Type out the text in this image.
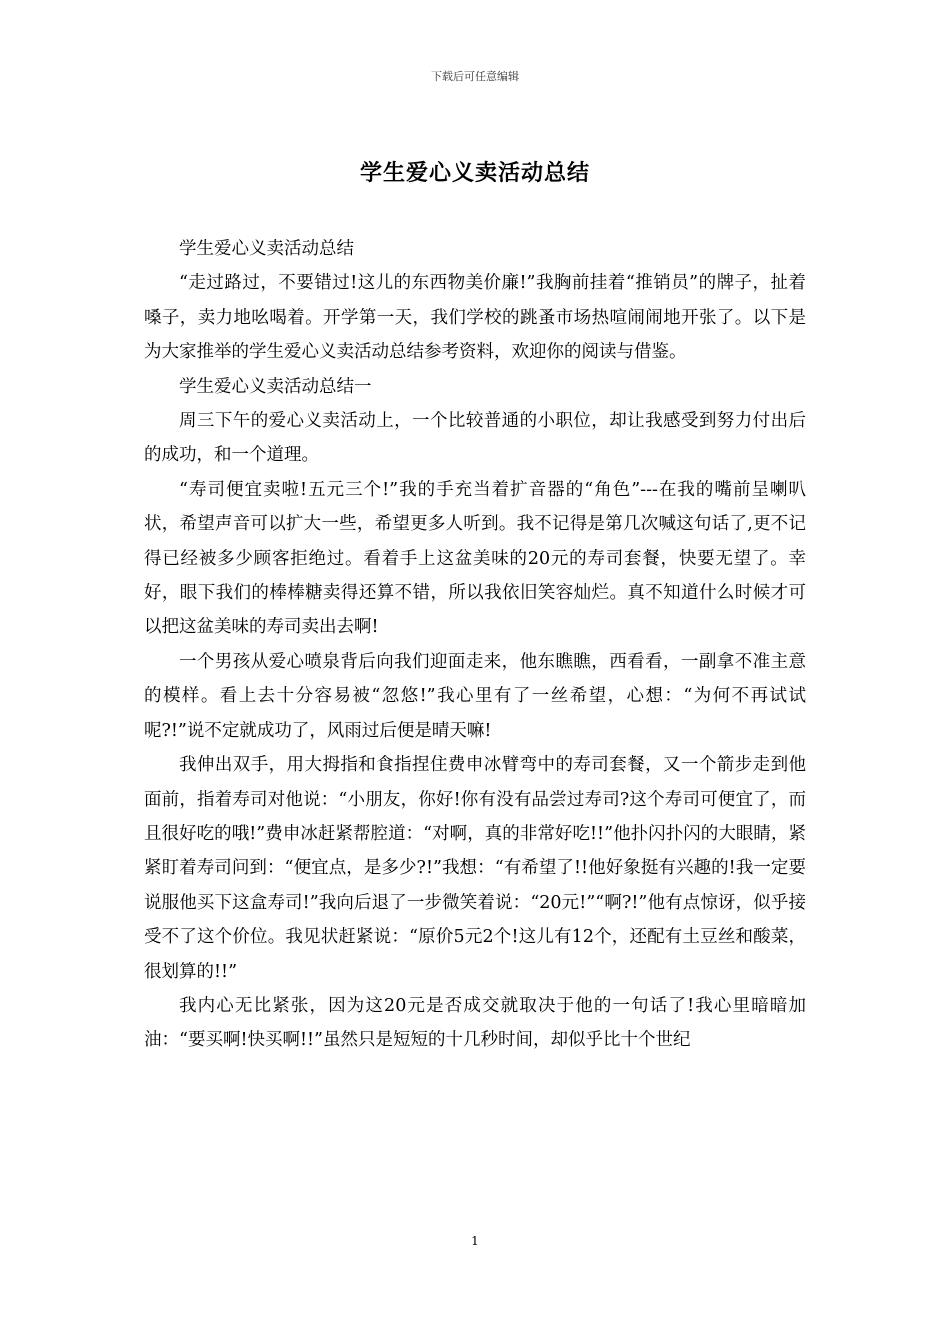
下载后可任意编辑
学生爱心义卖活动总结

学生爱心义卖活动总结

“走过路过，不要错过!这儿的东西物美价廉!”我胸前挂着“推销员”的牌子，扯着嗓子，卖力地吆喝着。开学第一天，我们学校的跳蚤市场热喧闹闹地开张了。以下是为大家推举的学生爱心义卖活动总结参考资料，欢迎你的阅读与借鉴。

学生爱心义卖活动总结一

周三下午的爱心义卖活动上，一个比较普通的小职位，却让我感受到努力付出后的成功，和一个道理。

“寿司便宜卖啦!五元三个!”我的手充当着扩音器的“角色”---在我的嘴前呈喇叭状，希望声音可以扩大一些，希望更多人听到。我不记得是第几次喊这句话了,更不记得已经被多少顾客拒绝过。看着手上这盆美味的20元的寿司套餐，快要无望了。幸好，眼下我们的棒棒糖卖得还算不错，所以我依旧笑容灿烂。真不知道什么时候才可以把这盆美味的寿司卖出去啊!

一个男孩从爱心喷泉背后向我们迎面走来，他东瞧瞧，西看看，一副拿不准主意的模样。看上去十分容易被“忽悠!”我心里有了一丝希望，心想：“为何不再试试呢?!”说不定就成功了，风雨过后便是晴天嘛!

我伸出双手，用大拇指和食指捏住费申冰臂弯中的寿司套餐，又一个箭步走到他面前，指着寿司对他说：“小朋友，你好!你有没有品尝过寿司?这个寿司可便宜了，而且很好吃的哦!”费申冰赶紧帮腔道：“对啊，真的非常好吃!!”他扑闪扑闪的大眼睛，紧紧盯着寿司问到：“便宜点，是多少?!”我想：“有希望了!!他好象挺有兴趣的!我一定要说服他买下这盒寿司!”我向后退了一步微笑着说：“20元!”“啊?!”他有点惊讶，似乎接受不了这个价位。我见状赶紧说：“原价5元2个!这儿有12个，还配有土豆丝和酸菜，很划算的!!”

我内心无比紧张，因为这20元是否成交就取决于他的一句话了!我心里暗暗加油：“要买啊!快买啊!!”虽然只是短短的十几秒时间，却似乎比十个世纪

1
